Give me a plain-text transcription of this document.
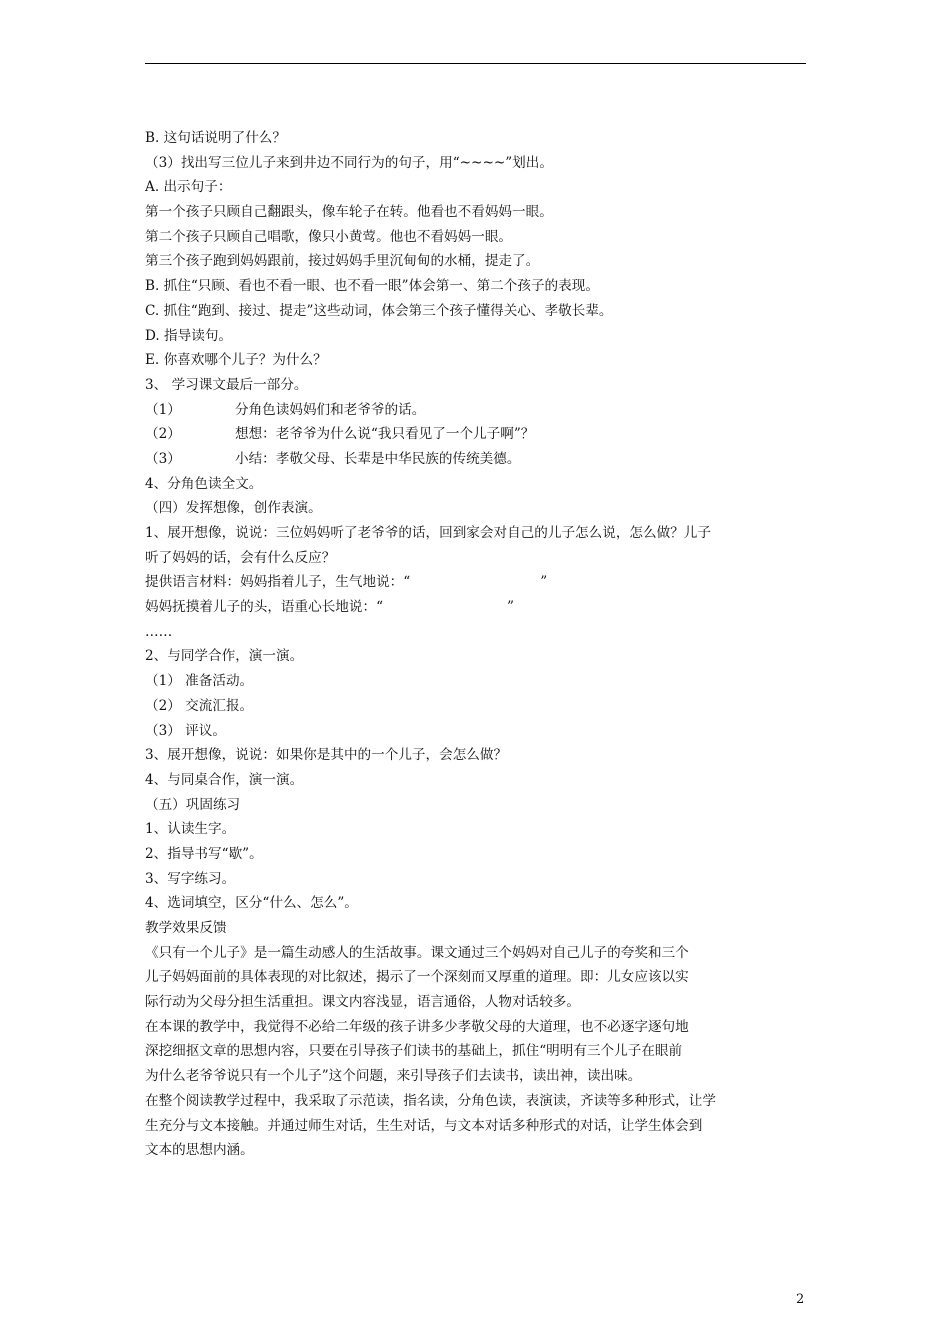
B. 这句话说明了什么？
（3）找出写三位儿子来到井边不同行为的句子，用“~~~~”划出。
A. 出示句子：
第一个孩子只顾自己翻跟头，像车轮子在转。他看也不看妈妈一眼。
第二个孩子只顾自己唱歌，像只小黄莺。他也不看妈妈一眼。
第三个孩子跑到妈妈跟前，接过妈妈手里沉甸甸的水桶，提走了。
B. 抓住“只顾、看也不看一眼、也不看一眼”体会第一、第二个孩子的表现。
C. 抓住“跑到、接过、提走”这些动词，体会第三个孩子懂得关心、孝敬长辈。
D. 指导读句。
E. 你喜欢哪个儿子？为什么？
3、 学习课文最后一部分。
（1）	分角色读妈妈们和老爷爷的话。
（2）	想想：老爷爷为什么说“我只看见了一个儿子啊”？
（3）	小结：孝敬父母、长辈是中华民族的传统美德。
4、分角色读全文。
（四）发挥想像，创作表演。
1、展开想像，说说：三位妈妈听了老爷爷的话，回到家会对自己的儿子怎么说，怎么做？儿子
听了妈妈的话，会有什么反应？
提供语言材料：妈妈指着儿子，生气地说：“	”
妈妈抚摸着儿子的头，语重心长地说：“	”
……
2、与同学合作，演一演。
（1） 准备活动。
（2） 交流汇报。
（3） 评议。
3、展开想像，说说：如果你是其中的一个儿子，会怎么做？
4、与同桌合作，演一演。
（五）巩固练习
1、认读生字。
2、指导书写“歇”。
3、写字练习。
4、选词填空，区分“什么、怎么”。
教学效果反馈
《只有一个儿子》是一篇生动感人的生活故事。课文通过三个妈妈对自己儿子的夸奖和三个
儿子妈妈面前的具体表现的对比叙述，揭示了一个深刻而又厚重的道理。即：儿女应该以实
际行动为父母分担生活重担。课文内容浅显，语言通俗，人物对话较多。
在本课的教学中，我觉得不必给二年级的孩子讲多少孝敬父母的大道理，也不必逐字逐句地
深挖细抠文章的思想内容，只要在引导孩子们读书的基础上，抓住“明明有三个儿子在眼前
为什么老爷爷说只有一个儿子”这个问题，来引导孩子们去读书，读出神，读出味。
在整个阅读教学过程中，我采取了示范读，指名读，分角色读，表演读，齐读等多种形式，让学
生充分与文本接触。并通过师生对话，生生对话，与文本对话多种形式的对话，让学生体会到
文本的思想内涵。
2
